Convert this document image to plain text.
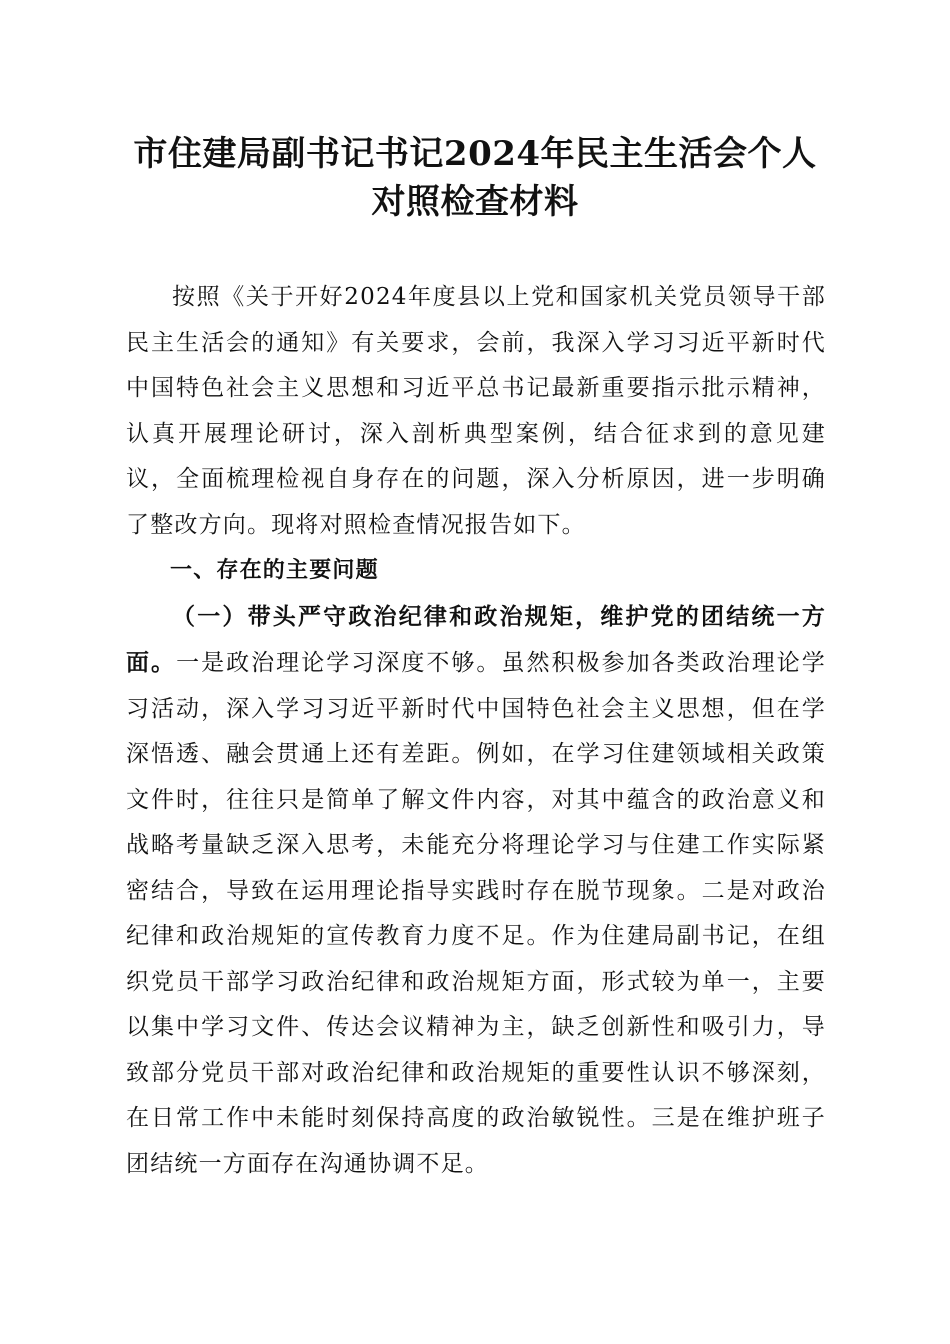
市住建局副书记书记2024年民主生活会个人
对照检查材料

按照《关于开好2024年度县以上党和国家机关党员领导干部民主生活会的通知》有关要求，会前，我深入学习习近平新时代中国特色社会主义思想和习近平总书记最新重要指示批示精神，认真开展理论研讨，深入剖析典型案例，结合征求到的意见建议，全面梳理检视自身存在的问题，深入分析原因，进一步明确了整改方向。现将对照检查情况报告如下。

一、存在的主要问题

（一）带头严守政治纪律和政治规矩，维护党的团结统一方面。一是政治理论学习深度不够。虽然积极参加各类政治理论学习活动，深入学习习近平新时代中国特色社会主义思想，但在学深悟透、融会贯通上还有差距。例如，在学习住建领域相关政策文件时，往往只是简单了解文件内容，对其中蕴含的政治意义和战略考量缺乏深入思考，未能充分将理论学习与住建工作实际紧密结合，导致在运用理论指导实践时存在脱节现象。二是对政治纪律和政治规矩的宣传教育力度不足。作为住建局副书记，在组织党员干部学习政治纪律和政治规矩方面，形式较为单一，主要以集中学习文件、传达会议精神为主，缺乏创新性和吸引力，导致部分党员干部对政治纪律和政治规矩的重要性认识不够深刻，在日常工作中未能时刻保持高度的政治敏锐性。三是在维护班子团结统一方面存在沟通协调不足。
